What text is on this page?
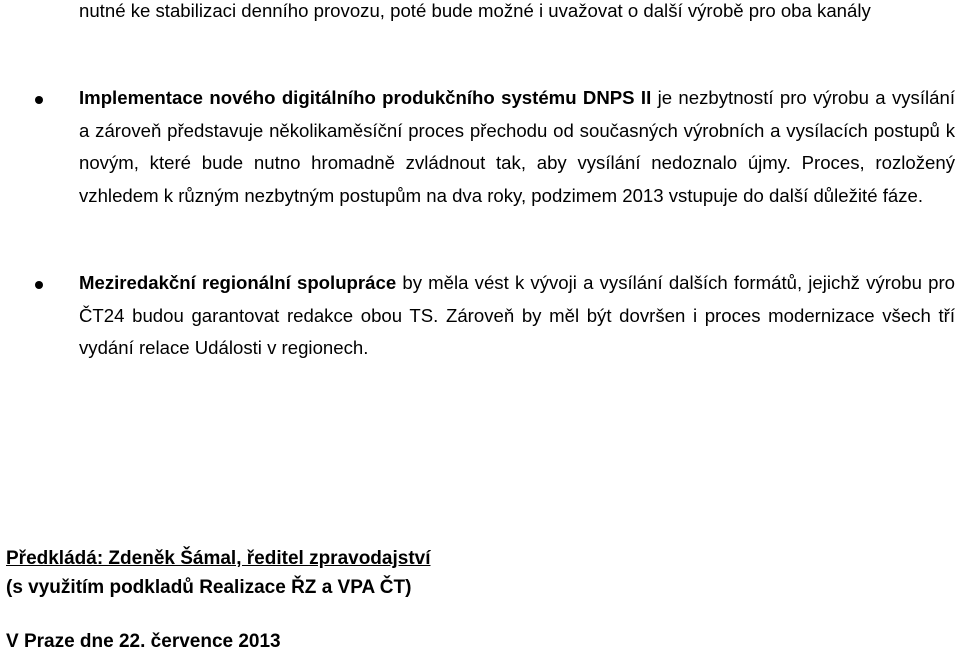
nutné ke stabilizaci denního provozu, poté bude možné i uvažovat o další výrobě pro oba kanály
Implementace nového digitálního produkčního systému DNPS II je nezbytností pro výrobu a vysílání a zároveň představuje několikaměsíční proces přechodu od současných výrobních a vysílacích postupů k novým, které bude nutno hromadně zvládnout tak, aby vysílání nedoznalo újmy. Proces, rozložený vzhledem k různým nezbytným postupům na dva roky, podzimem 2013 vstupuje do další důležité fáze.
Meziredakční regionální spolupráce by měla vést k vývoji a vysílání dalších formátů, jejichž výrobu pro ČT24 budou garantovat redakce obou TS. Zároveň by měl být dovršen i proces modernizace všech tří vydání relace Události v regionech.
Předkládá: Zdeněk Šámal, ředitel zpravodajství
(s využitím podkladů Realizace ŘZ a VPA ČT)
V Praze dne 22. července 2013
